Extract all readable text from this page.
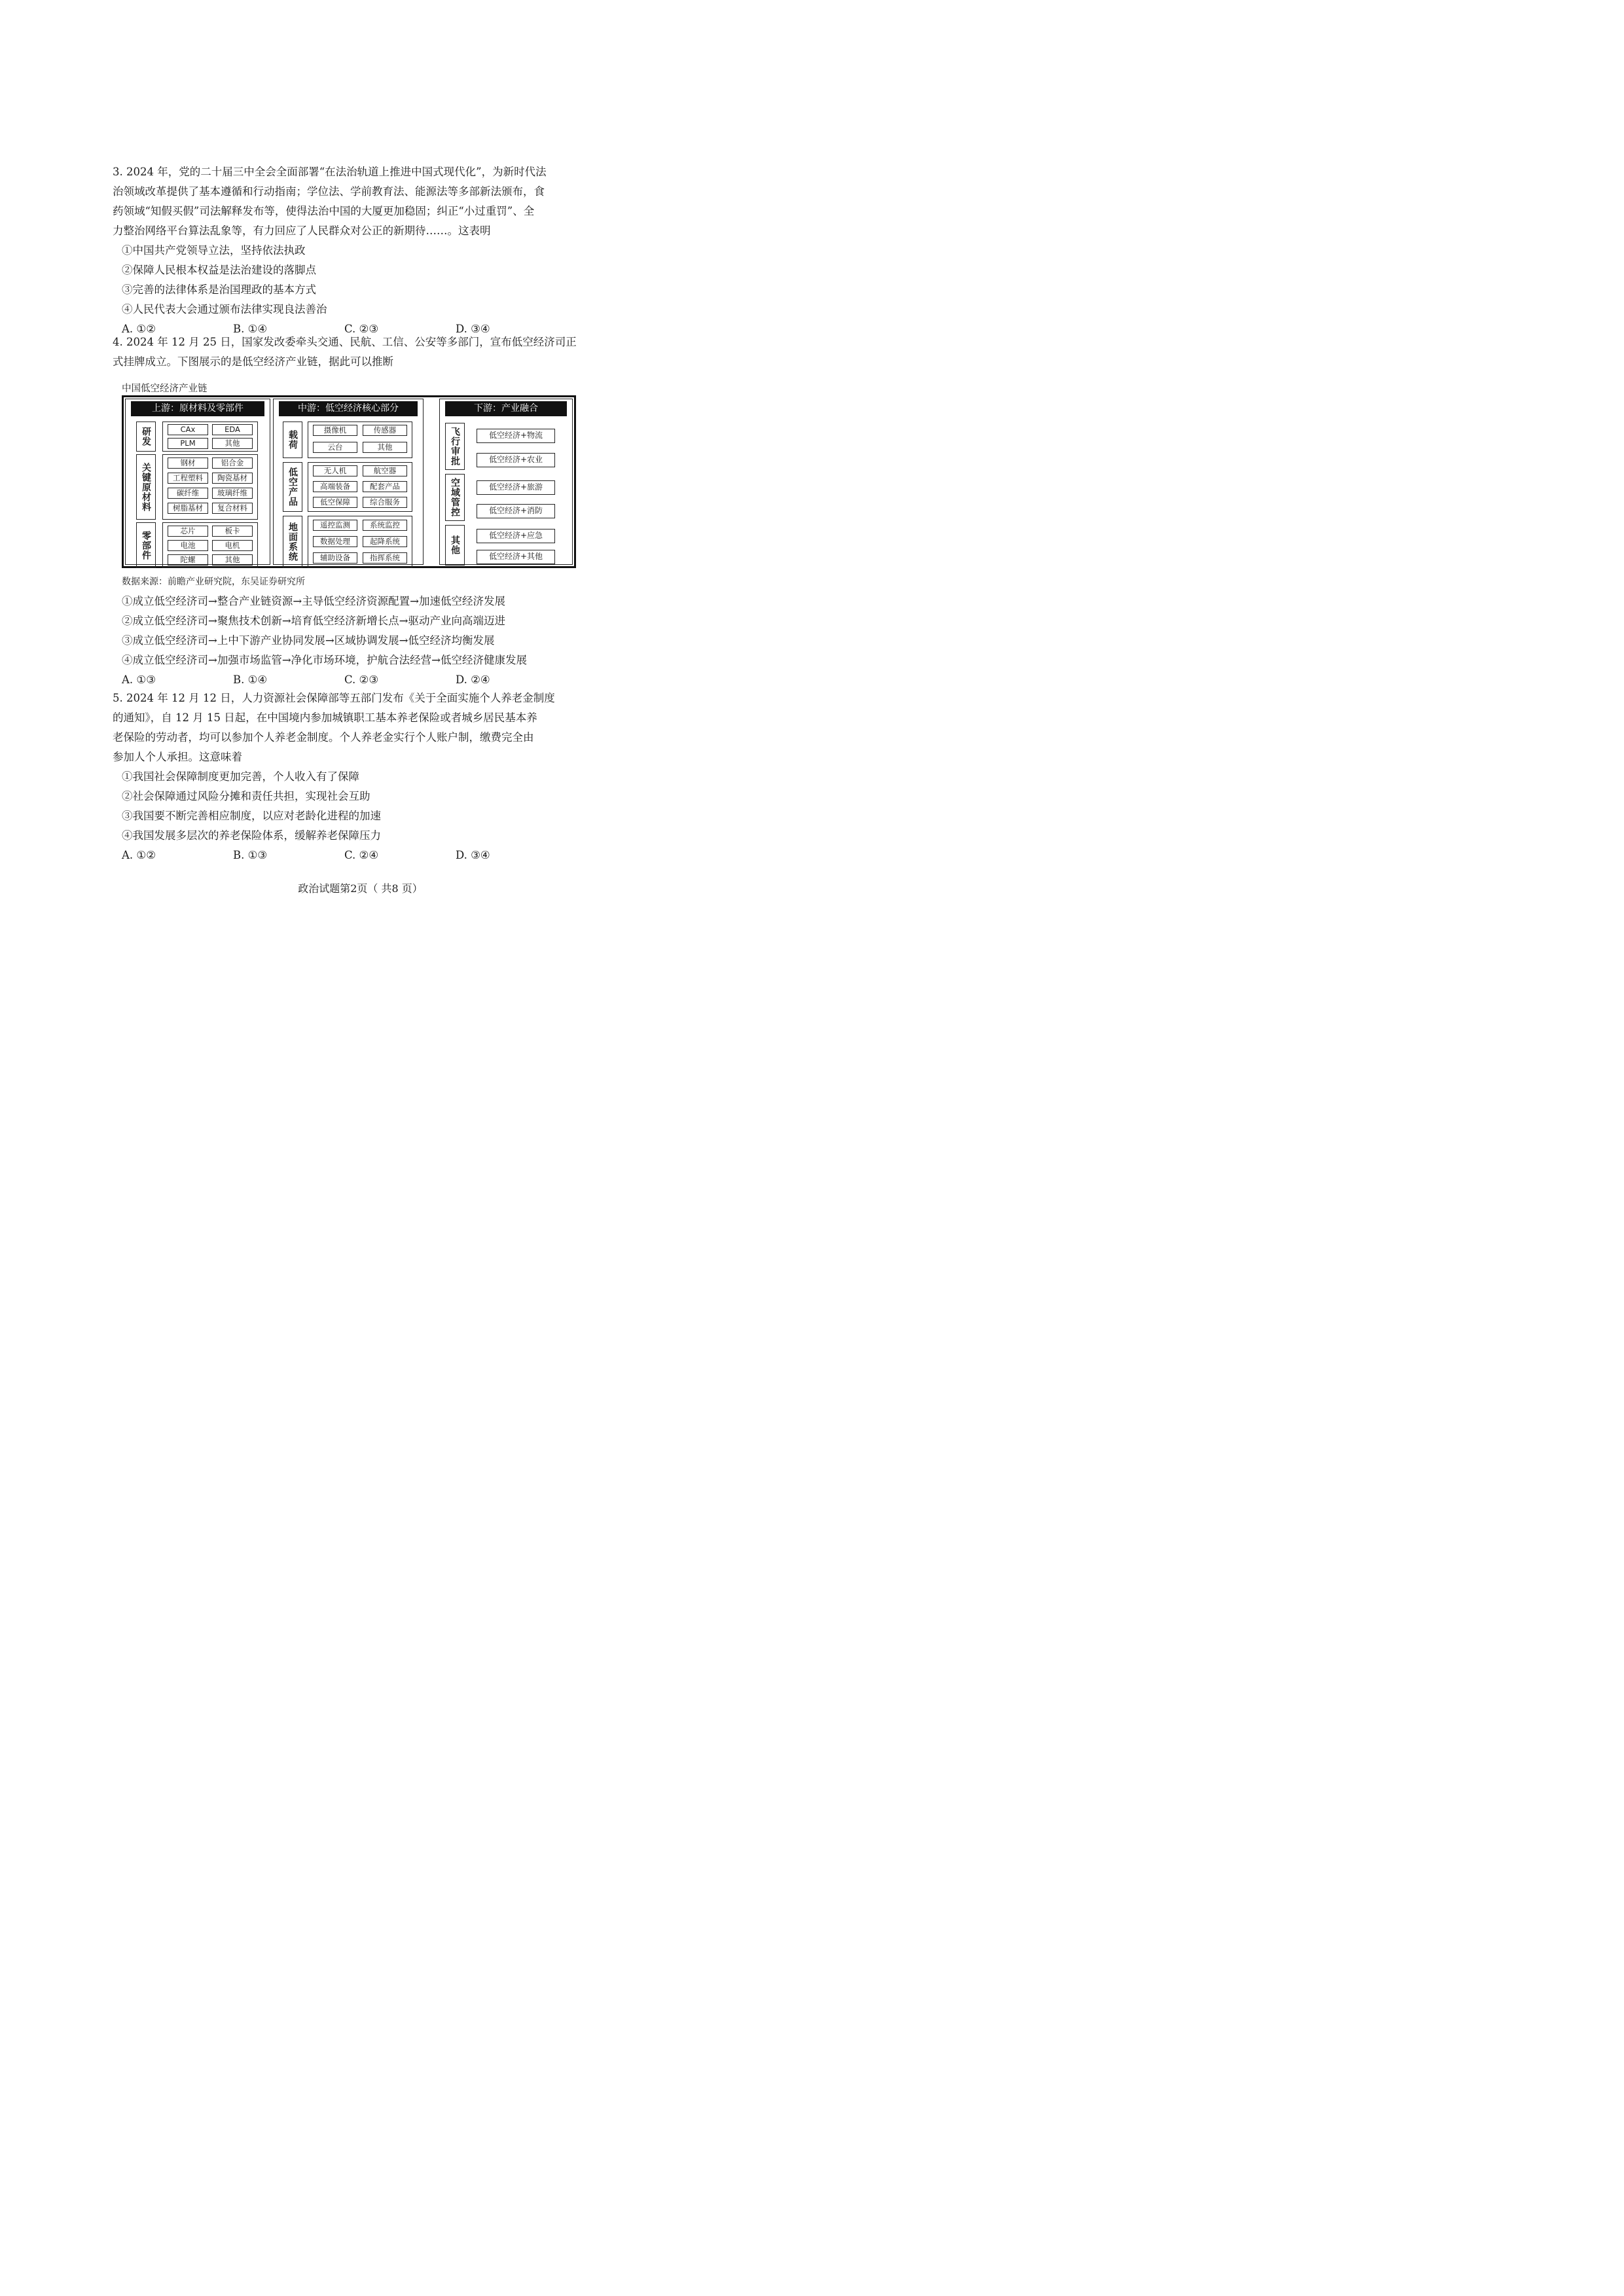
3. 2024 年，党的二十届三中全会全面部署“在法治轨道上推进中国式现代化”，为新时代法

治领域改革提供了基本遵循和行动指南；学位法、学前教育法、能源法等多部新法颁布，食

药领域“知假买假”司法解释发布等，使得法治中国的大厦更加稳固；纠正“小过重罚”、全

力整治网络平台算法乱象等，有力回应了人民群众对公正的新期待……。这表明

①中国共产党领导立法，坚持依法执政

②保障人民根本权益是法治建设的落脚点

③完善的法律体系是治国理政的基本方式

④人民代表大会通过颁布法律实现良法善治

A. ①②	B. ①④	C. ②③	D. ③④

4. 2024 年 12 月 25 日，国家发改委牵头交通、民航、工信、公安等多部门，宣布低空经济司正

式挂牌成立。下图展示的是低空经济产业链，据此可以推断

中国低空经济产业链
上游：原材料及零部件
研发	CAx	EDA
PLM	其他
关键原材料	钢材	铝合金
工程塑料	陶瓷基材
碳纤维	玻璃纤维
树脂基材	复合材料
零部件	芯片	板卡
电池	电机
陀螺	其他
中游：低空经济核心部分
载荷	摄像机	传感器
云台	其他
低空产品	无人机	航空器
高端装备	配套产品
低空保障	综合服务
地面系统	遥控监测	系统监控
数据处理	起降系统
辅助设备	指挥系统
下游：产业融合
飞行审批
空域管控
其他
低空经济+物流
低空经济+农业
低空经济+旅游
低空经济+消防
低空经济+应急
低空经济+其他
数据来源：前瞻产业研究院，东吴证券研究所

①成立低空经济司→整合产业链资源→主导低空经济资源配置→加速低空经济发展

②成立低空经济司→聚焦技术创新→培育低空经济新增长点→驱动产业向高端迈进

③成立低空经济司→上中下游产业协同发展→区域协调发展→低空经济均衡发展

④成立低空经济司→加强市场监管→净化市场环境，护航合法经营→低空经济健康发展

A. ①③	B. ①④	C. ②③	D. ②④

5. 2024 年 12 月 12 日，人力资源社会保障部等五部门发布《关于全面实施个人养老金制度

的通知》，自 12 月 15 日起，在中国境内参加城镇职工基本养老保险或者城乡居民基本养

老保险的劳动者，均可以参加个人养老金制度。个人养老金实行个人账户制，缴费完全由

参加人个人承担。这意味着

①我国社会保障制度更加完善，个人收入有了保障

②社会保障通过风险分摊和责任共担，实现社会互助

③我国要不断完善相应制度，以应对老龄化进程的加速

④我国发展多层次的养老保险体系，缓解养老保障压力

A. ①②	B. ①③	C. ②④	D. ③④
政治试题第2页（ 共8 页）
